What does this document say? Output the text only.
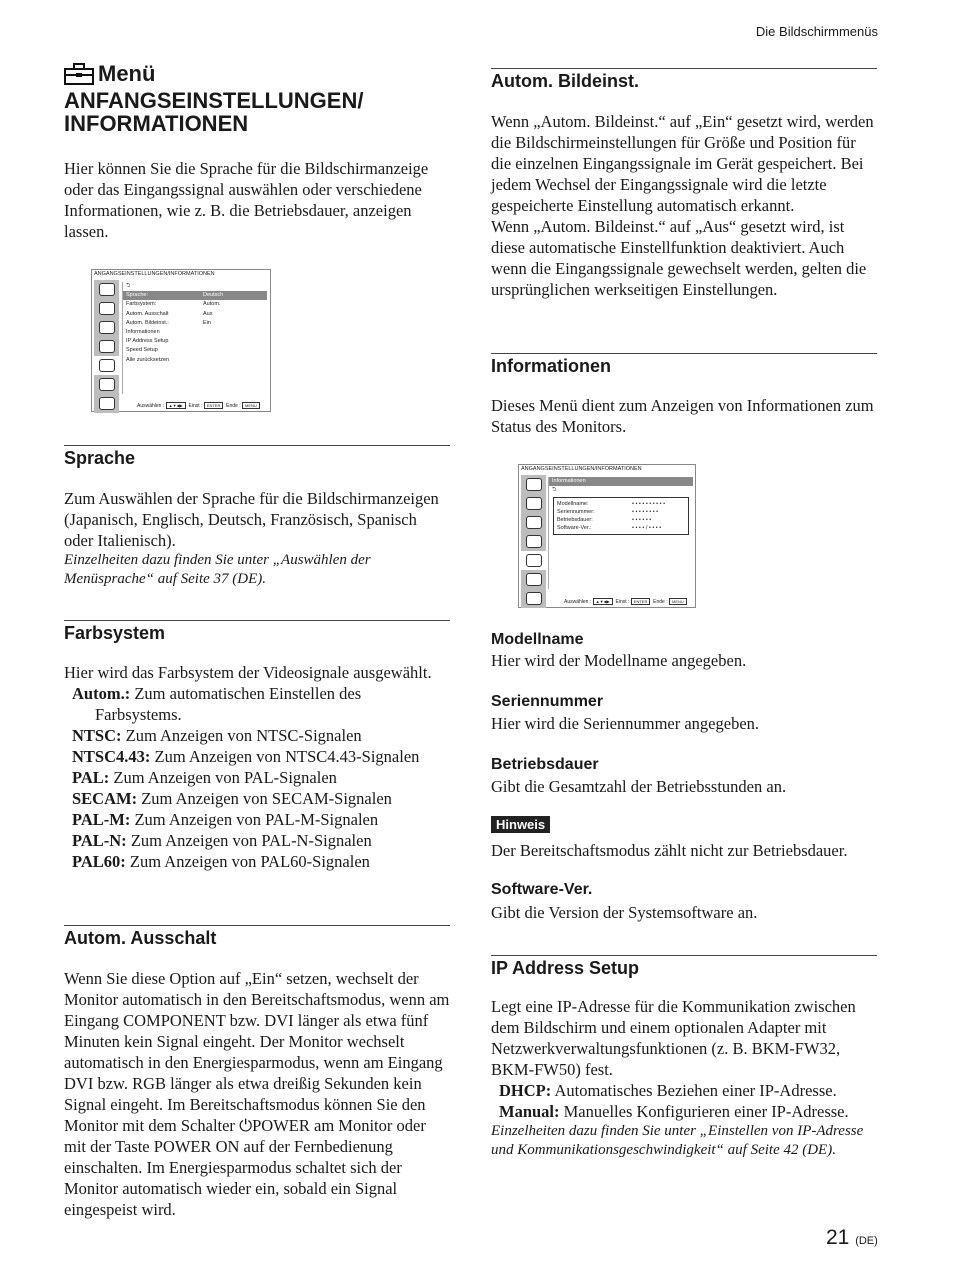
Die Bildschirmmenüs
Menü
ANFANGSEINSTELLUNGEN/
INFORMATIONEN
Hier können Sie die Sprache für die Bildschirmanzeige oder das Eingangssignal auswählen oder verschiedene Informationen, wie z. B. die Betriebsdauer, anzeigen lassen.
ANGANGSEINSTELLUNGEN/INFORMATIONEN
⮌
Sprache:	Deutsch
Farbsystem:	Autom.
Autom. Ausschalt	Aus
Autom. Bildeinst.:	Ein
Informationen
IP Address Setup
Speed Setup
Alle zurücksetzen
Auswählen : ▲▼◀▶ Einst : ENTER Ende : MENU
Sprache
Zum Auswählen der Sprache für die Bildschirmanzeigen (Japanisch, Englisch, Deutsch, Französisch, Spanisch oder Italienisch).
Einzelheiten dazu finden Sie unter „Auswählen der Menüsprache“ auf Seite 37 (DE).
Farbsystem
Hier wird das Farbsystem der Videosignale ausgewählt.
Autom.: Zum automatischen Einstellen des
Farbsystems.
NTSC: Zum Anzeigen von NTSC-Signalen
NTSC4.43: Zum Anzeigen von NTSC4.43-Signalen
PAL: Zum Anzeigen von PAL-Signalen
SECAM: Zum Anzeigen von SECAM-Signalen
PAL-M: Zum Anzeigen von PAL-M-Signalen
PAL-N: Zum Anzeigen von PAL-N-Signalen
PAL60: Zum Anzeigen von PAL60-Signalen
Autom. Ausschalt
Wenn Sie diese Option auf „Ein“ setzen, wechselt der Monitor automatisch in den Bereitschaftsmodus, wenn am Eingang COMPONENT bzw. DVI länger als etwa fünf Minuten kein Signal eingeht. Der Monitor wechselt automatisch in den Energiesparmodus, wenn am Eingang DVI bzw. RGB länger als etwa dreißig Sekunden kein Signal eingeht. Im Bereitschaftsmodus können Sie den Monitor mit dem Schalter ⏻POWER am Monitor oder mit der Taste POWER ON auf der Fernbedienung einschalten. Im Energiesparmodus schaltet sich der Monitor automatisch wieder ein, sobald ein Signal eingespeist wird.
Autom. Bildeinst.
Wenn „Autom. Bildeinst.“ auf „Ein“ gesetzt wird, werden die Bildschirmeinstellungen für Größe und Position für die einzelnen Eingangssignale im Gerät gespeichert. Bei jedem Wechsel der Eingangssignale wird die letzte gespeicherte Einstellung automatisch erkannt.
Wenn „Autom. Bildeinst.“ auf „Aus“ gesetzt wird, ist diese automatische Einstellfunktion deaktiviert. Auch wenn die Eingangssignale gewechselt werden, gelten die ursprünglichen werkseitigen Einstellungen.
Informationen
Dieses Menü dient zum Anzeigen von Informationen zum Status des Monitors.
ANGANGSEINSTELLUNGEN/INFORMATIONEN
Informationen
⮌
Modellname:	• • • • • • • • • •
Seriennummer:	• • • • • • • •
Betriebsdauer:	• • • • • •
Software-Ver.:	• • • • / • • • •
Auswählen : ▲▼◀▶ Einst : ENTER Ende : MENU
Modellname
Hier wird der Modellname angegeben.
Seriennummer
Hier wird die Seriennummer angegeben.
Betriebsdauer
Gibt die Gesamtzahl der Betriebsstunden an.
Hinweis
Der Bereitschaftsmodus zählt nicht zur Betriebsdauer.
Software-Ver.
Gibt die Version der Systemsoftware an.
IP Address Setup
Legt eine IP-Adresse für die Kommunikation zwischen dem Bildschirm und einem optionalen Adapter mit Netzwerkverwaltungsfunktionen (z. B. BKM-FW32, BKM-FW50) fest.
DHCP: Automatisches Beziehen einer IP-Adresse.
Manual: Manuelles Konfigurieren einer IP-Adresse.
Einzelheiten dazu finden Sie unter „Einstellen von IP-Adresse und Kommunikationsgeschwindigkeit“ auf Seite 42 (DE).
21 (DE)
